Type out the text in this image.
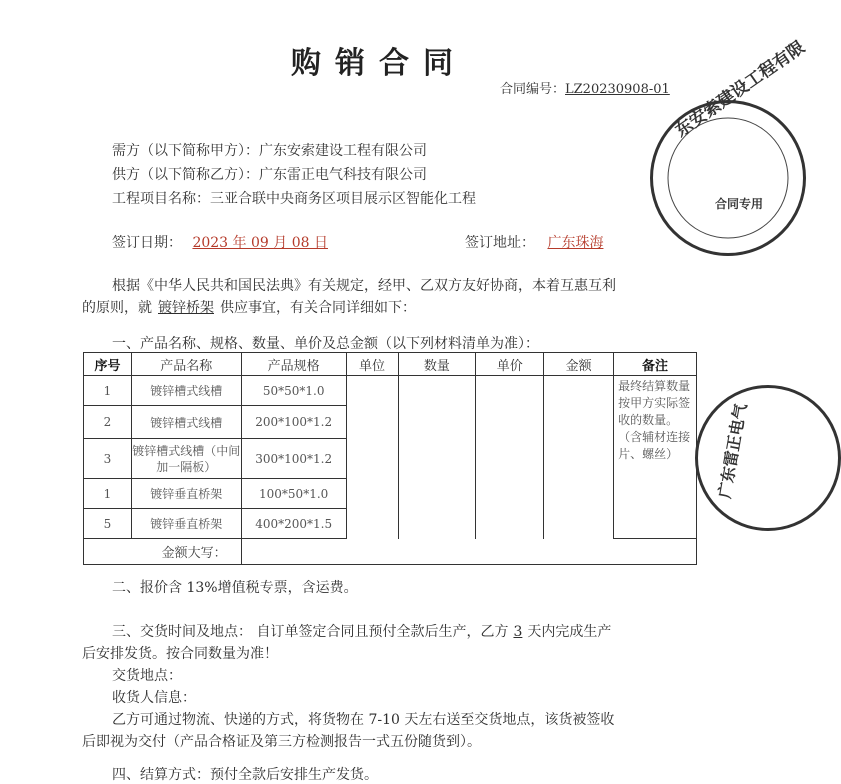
购销合同
合同编号：LZ20230908-01
需方（以下简称甲方）：广东安索建设工程有限公司
供方（以下简称乙方）：广东雷正电气科技有限公司
工程项目名称：三亚合联中央商务区项目展示区智能化工程
签订日期： 2023 年 09 月 08 日	签订地址： 广东珠海
根据《中华人民共和国民法典》有关规定，经甲、乙双方友好协商，本着互惠互利
的原则，就 镀锌桥架 供应事宜，有关合同详细如下：
一、产品名称、规格、数量、单价及总金额（以下列材料清单为准）：
序号	产品名称	产品规格	单位	数量	单价	金额	备注
1	镀锌槽式线槽	50*50*1.0					最终结算数量按甲方实际签收的数量。（含辅材连接片、螺丝）
2	镀锌槽式线槽	200*100*1.2					
3	镀锌槽式线槽（中间加一隔板）	300*100*1.2					
1	镀锌垂直桥架	100*50*1.0					
5	镀锌垂直桥架	400*200*1.5					
金额大写：							
二、报价含 13%增值税专票，含运费。
三、交货时间及地点： 自订单签定合同且预付全款后生产，乙方 3 天内完成生产
后安排发货。按合同数量为准！
交货地点：
收货人信息：
乙方可通过物流、快递的方式，将货物在 7-10 天左右送至交货地点，该货被签收
后即视为交付（产品合格证及第三方检测报告一式五份随货到）。
四、结算方式：预付全款后安排生产发货。
东安索建设工程有限
合同专用
广东雷正电气
